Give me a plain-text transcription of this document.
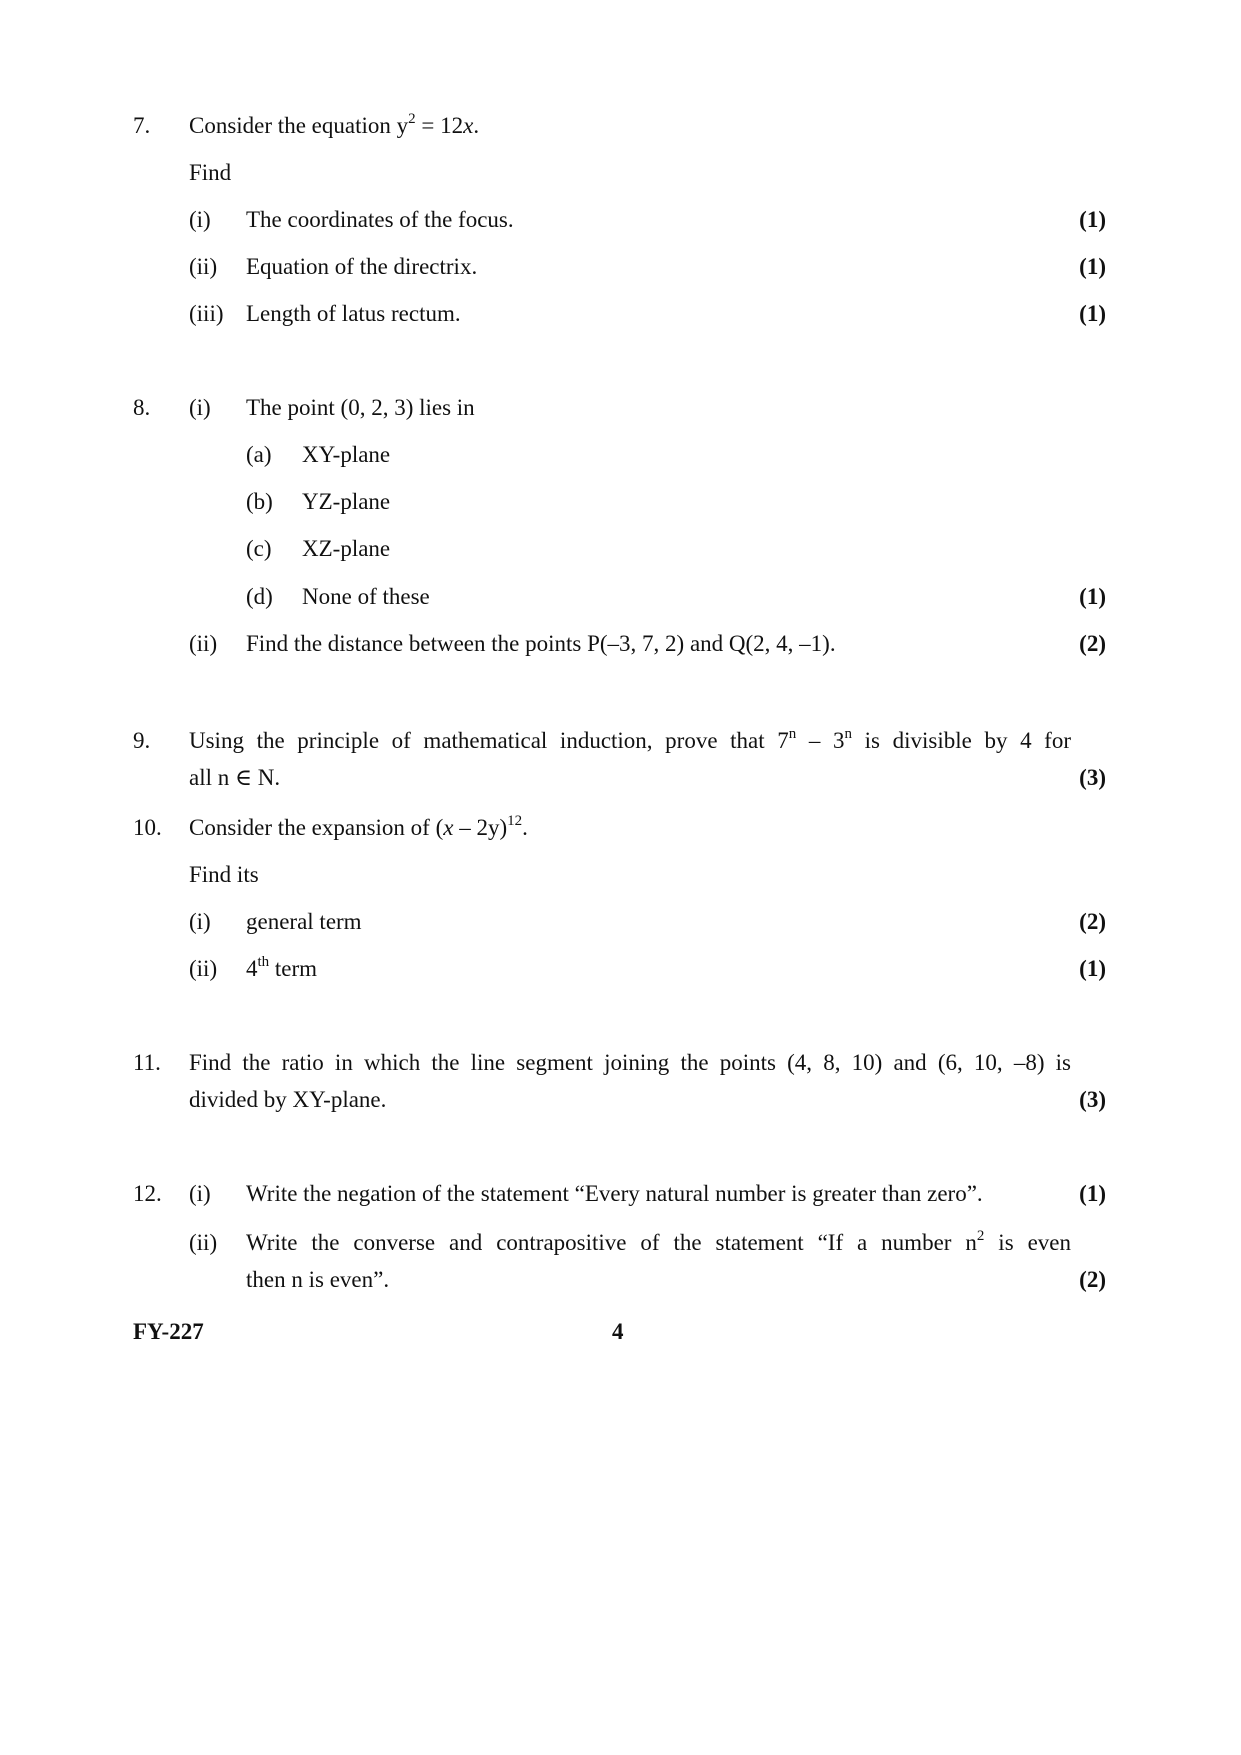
7. Consider the equation $y^2 = 12x$.
Find
(i) The coordinates of the focus.	(1)
(ii) Equation of the directrix.	(1)
(iii) Length of latus rectum.	(1)
8. (i) The point (0, 2, 3) lies in
(a) XY-plane
(b) YZ-plane
(c) XZ-plane
(d) None of these	(1)
(ii) Find the distance between the points P(–3, 7, 2) and Q(2, 4, –1).	(2)
9. Using the principle of mathematical induction, prove that 7$^n$ – 3$^n$ is divisible by 4 for
all n ∈ N.	(3)
10. Consider the expansion of (x – 2y)$^{12}$.
Find its
(i) general term	(2)
(ii) 4th term	(1)
11. Find the ratio in which the line segment joining the points (4, 8, 10) and (6, 10, –8) is
divided by XY-plane.	(3)
12. (i) Write the negation of the statement “Every natural number is greater than zero”.	(1)
(ii) Write the converse and contrapositive of the statement “If a number $n^2$ is even
then n is even”.	(2)
FY-227	4
